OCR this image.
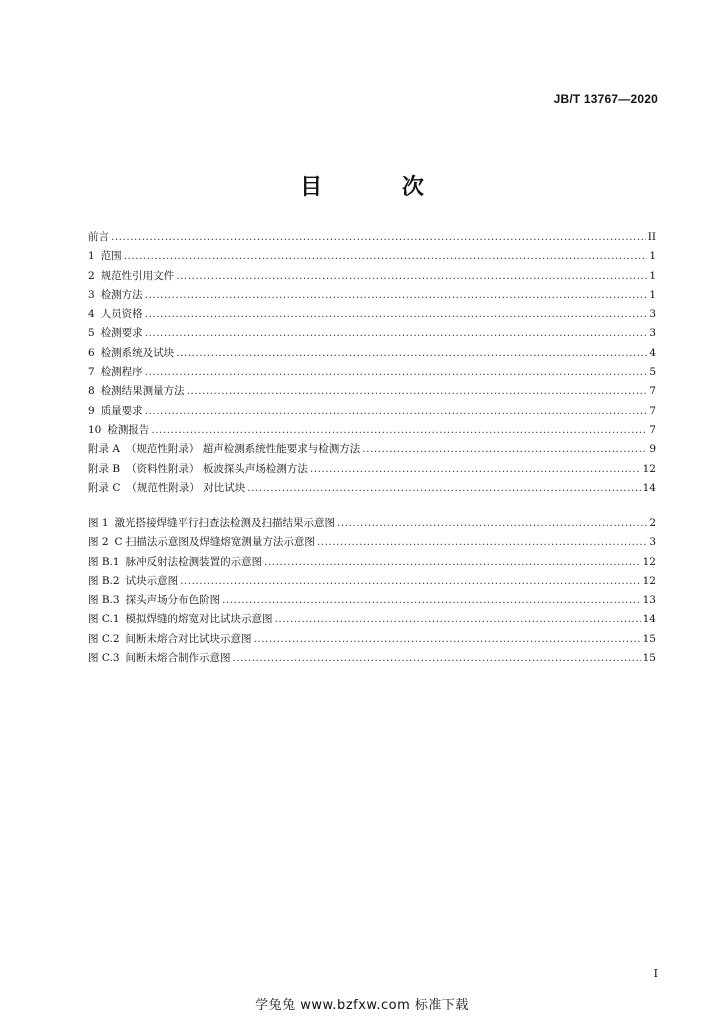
JB/T 13767—2020
目 次
前言 .....	II
1 范围 .....	1
2 规范性引用文件 .....	1
3 检测方法 .....	1
4 人员资格 .....	3
5 检测要求 .....	3
6 检测系统及试块 .....	4
7 检测程序 .....	5
8 检测结果测量方法 .....	7
9 质量要求 .....	7
10 检测报告 .....	7
附录 A （规范性附录） 超声检测系统性能要求与检测方法 .....	9
附录 B （资料性附录） 板波探头声场检测方法 .....	12
附录 C （规范性附录） 对比试块 .....	14
图 1 激光搭接焊缝平行扫查法检测及扫描结果示意图 .....	2
图 2 C 扫描法示意图及焊缝熔宽测量方法示意图 .....	3
图 B.1 脉冲反射法检测装置的示意图 .....	12
图 B.2 试块示意图 .....	12
图 B.3 探头声场分布色阶图 .....	13
图 C.1 模拟焊缝的熔宽对比试块示意图 .....	14
图 C.2 间断未熔合对比试块示意图 .....	15
图 C.3 间断未熔合制作示意图 .....	15
I
学兔兔 www.bzfxw.com 标准下载
